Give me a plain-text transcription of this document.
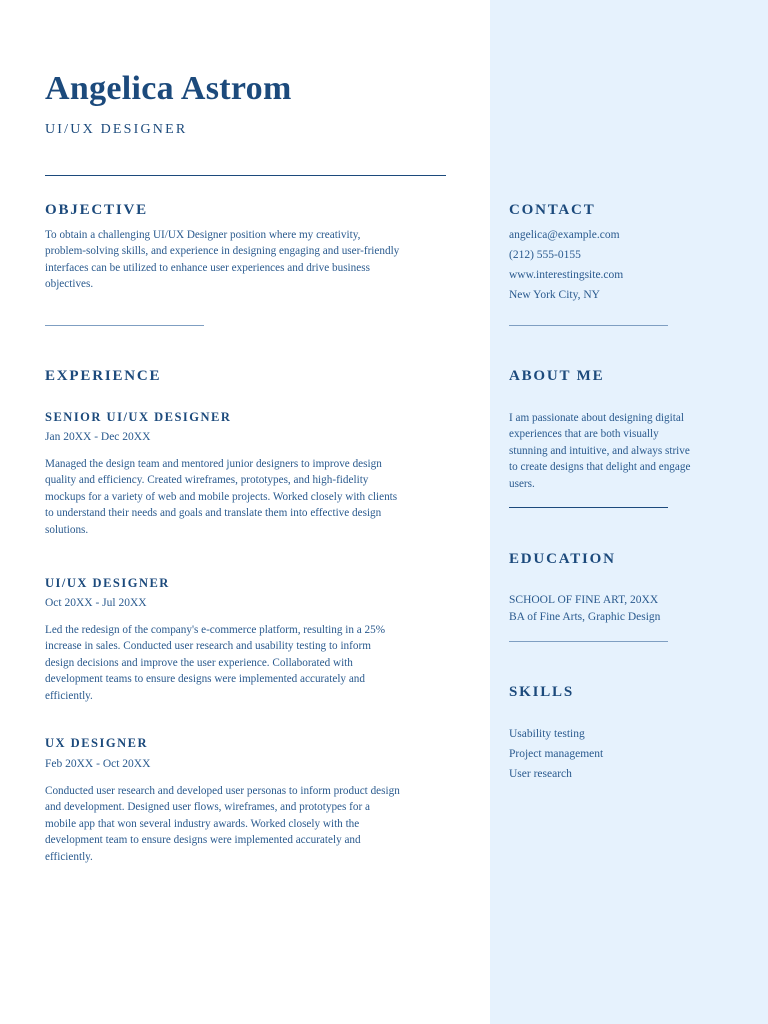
Angelica Astrom
UI/UX DESIGNER
OBJECTIVE
To obtain a challenging UI/UX Designer position where my creativity,
problem-solving skills, and experience in designing engaging and user-friendly
interfaces can be utilized to enhance user experiences and drive business
objectives.
EXPERIENCE
SENIOR UI/UX DESIGNER
Jan 20XX - Dec 20XX
Managed the design team and mentored junior designers to improve design
quality and efficiency. Created wireframes, prototypes, and high-fidelity
mockups for a variety of web and mobile projects. Worked closely with clients
to understand their needs and goals and translate them into effective design
solutions.
UI/UX DESIGNER
Oct 20XX - Jul 20XX
Led the redesign of the company's e-commerce platform, resulting in a 25%
increase in sales. Conducted user research and usability testing to inform
design decisions and improve the user experience. Collaborated with
development teams to ensure designs were implemented accurately and
efficiently.
UX DESIGNER
Feb 20XX - Oct 20XX
Conducted user research and developed user personas to inform product design
and development. Designed user flows, wireframes, and prototypes for a
mobile app that won several industry awards. Worked closely with the
development team to ensure designs were implemented accurately and
efficiently.
CONTACT
angelica@example.com
(212) 555-0155
www.interestingsite.com
New York City, NY
ABOUT ME
I am passionate about designing digital
experiences that are both visually
stunning and intuitive, and always strive
to create designs that delight and engage
users.
EDUCATION
SCHOOL OF FINE ART, 20XX
BA of Fine Arts, Graphic Design
SKILLS
Usability testing
Project management
User research
